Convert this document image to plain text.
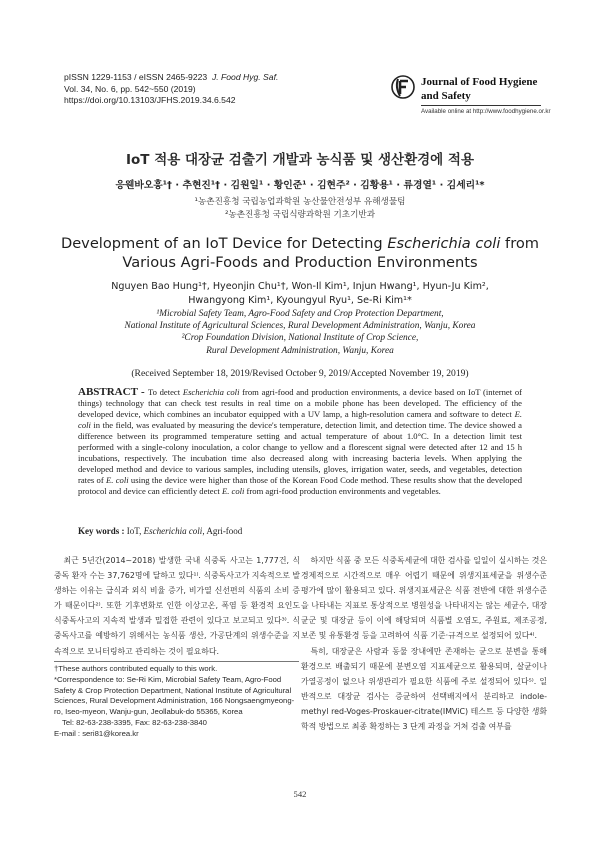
pISSN 1229-1153 / eISSN 2465-9223 J. Food Hyg. Saf.
Vol. 34, No. 6, pp. 542~550 (2019)
https://doi.org/10.13103/JFHS.2019.34.6.542
Journal of Food Hygiene
and Safety
Available online at http://www.foodhygiene.or.kr
IoT 적용 대장균 검출기 개발과 농식품 및 생산환경에 적용
응웬바오훙¹† · 추현진¹† · 김원일¹ · 황인준¹ · 김현주² · 김황용¹ · 류경열¹ · 김세리¹*
¹농촌진흥청 국립농업과학원 농산물안전성부 유해생물팀
²농촌진흥청 국립식량과학원 기초기반과
Development of an IoT Device for Detecting Escherichia coli from
Various Agri-Foods and Production Environments
Nguyen Bao Hung¹†, Hyeonjin Chu¹†, Won-Il Kim¹, Injun Hwang¹, Hyun-Ju Kim²,
Hwangyong Kim¹, Kyoungyul Ryu¹, Se-Ri Kim¹*
¹Microbial Safety Team, Agro-Food Safety and Crop Protection Department,
National Institute of Agricultural Sciences, Rural Development Administration, Wanju, Korea
²Crop Foundation Division, National Institute of Crop Science,
Rural Development Administration, Wanju, Korea
(Received September 18, 2019/Revised October 9, 2019/Accepted November 19, 2019)
ABSTRACT - To detect Escherichia coli from agri-food and production environments, a device based on IoT (internet of things) technology that can check test results in real time on a mobile phone has been developed. The efficiency of the developed device, which combines an incubator equipped with a UV lamp, a high-resolution camera and software to detect E. coli in the field, was evaluated by measuring the device's temperature, detection limit, and detection time. The device showed a difference between its programmed temperature setting and actual temperature of about 1.0°C. In a detection limit test performed with a single-colony inoculation, a color change to yellow and a florescent signal were detected after 12 and 15 h incubations, respectively. The incubation time also decreased along with increasing bacteria levels. When applying the developed method and device to various samples, including utensils, gloves, irrigation water, seeds, and vegetables, detection rates of E. coli using the device were higher than those of the Korean Food Code method. These results show that the developed protocol and device can efficiently detect E. coli from agri-food production environments and vegetables.
Key words : IoT, Escherichia coli, Agri-food

최근 5년간(2014~2018) 발생한 국내 식중독 사고는 1,777건, 식중독 환자 수는 37,762명에 달하고 있다¹⁾. 식중독사고가 지속적으로 발생하는 이유는 급식과 외식 비율 증가, 비가열 신선편의 식품의 소비 증가 때문이다²⁾. 또한 기후변화로 인한 이상고온, 폭염 등 환경적 요인도 식중독사고의 지속적 발생과 밀접한 관련이 있다고 보고되고 있다³⁾. 식중독사고를 예방하기 위해서는 농식품 생산, 가공단계의 위생수준을 지속적으로 모니터링하고 관리하는 것이 필요하다.

하지만 식품 중 모든 식중독세균에 대한 검사를 일일이 실시하는 것은 경제적으로 시간적으로 매우 어렵기 때문에 위생지표세균을 위생수준 평가에 많이 활용되고 있다. 위생지표세균은 식품 전반에 대한 위생수준을 나타내는 지표로 통상적으로 병원성을 나타내지는 않는 세균수, 대장균군 및 대장균 등이 이에 해당되며 식품별 오염도, 주원료, 제조공정, 보존 및 유통환경 등을 고려하여 식품 기준·규격으로 설정되어 있다⁴⁾.

특히, 대장균은 사람과 동물 장내에만 존재하는 균으로 분변을 통해 환경으로 배출되기 때문에 분변오염 지표세균으로 활용되며, 살균이나 가열공정이 없으나 위생관리가 필요한 식품에 주로 설정되어 있다⁵⁾. 일반적으로 대장균 검사는 증균하여 선택배지에서 분리하고 indole-methyl red-Voges-Proskauer-citrate(IMViC) 테스트 등 다양한 생화학적 방법으로 최종 확정하는 3 단계 과정을 거쳐 검출 여부를

†These authors contributed equally to this work.
*Correspondence to: Se-Ri Kim, Microbial Safety Team, Agro-Food Safety & Crop Protection Department, National Institute of Agricultural Sciences, Rural Development Administration, 166 Nongsaengmyeong-ro, Iseo-myeon, Wanju-gun, Jeollabuk-do 55365, Korea
Tel: 82-63-238-3395, Fax: 82-63-238-3840
E-mail : seri81@korea.kr
542
